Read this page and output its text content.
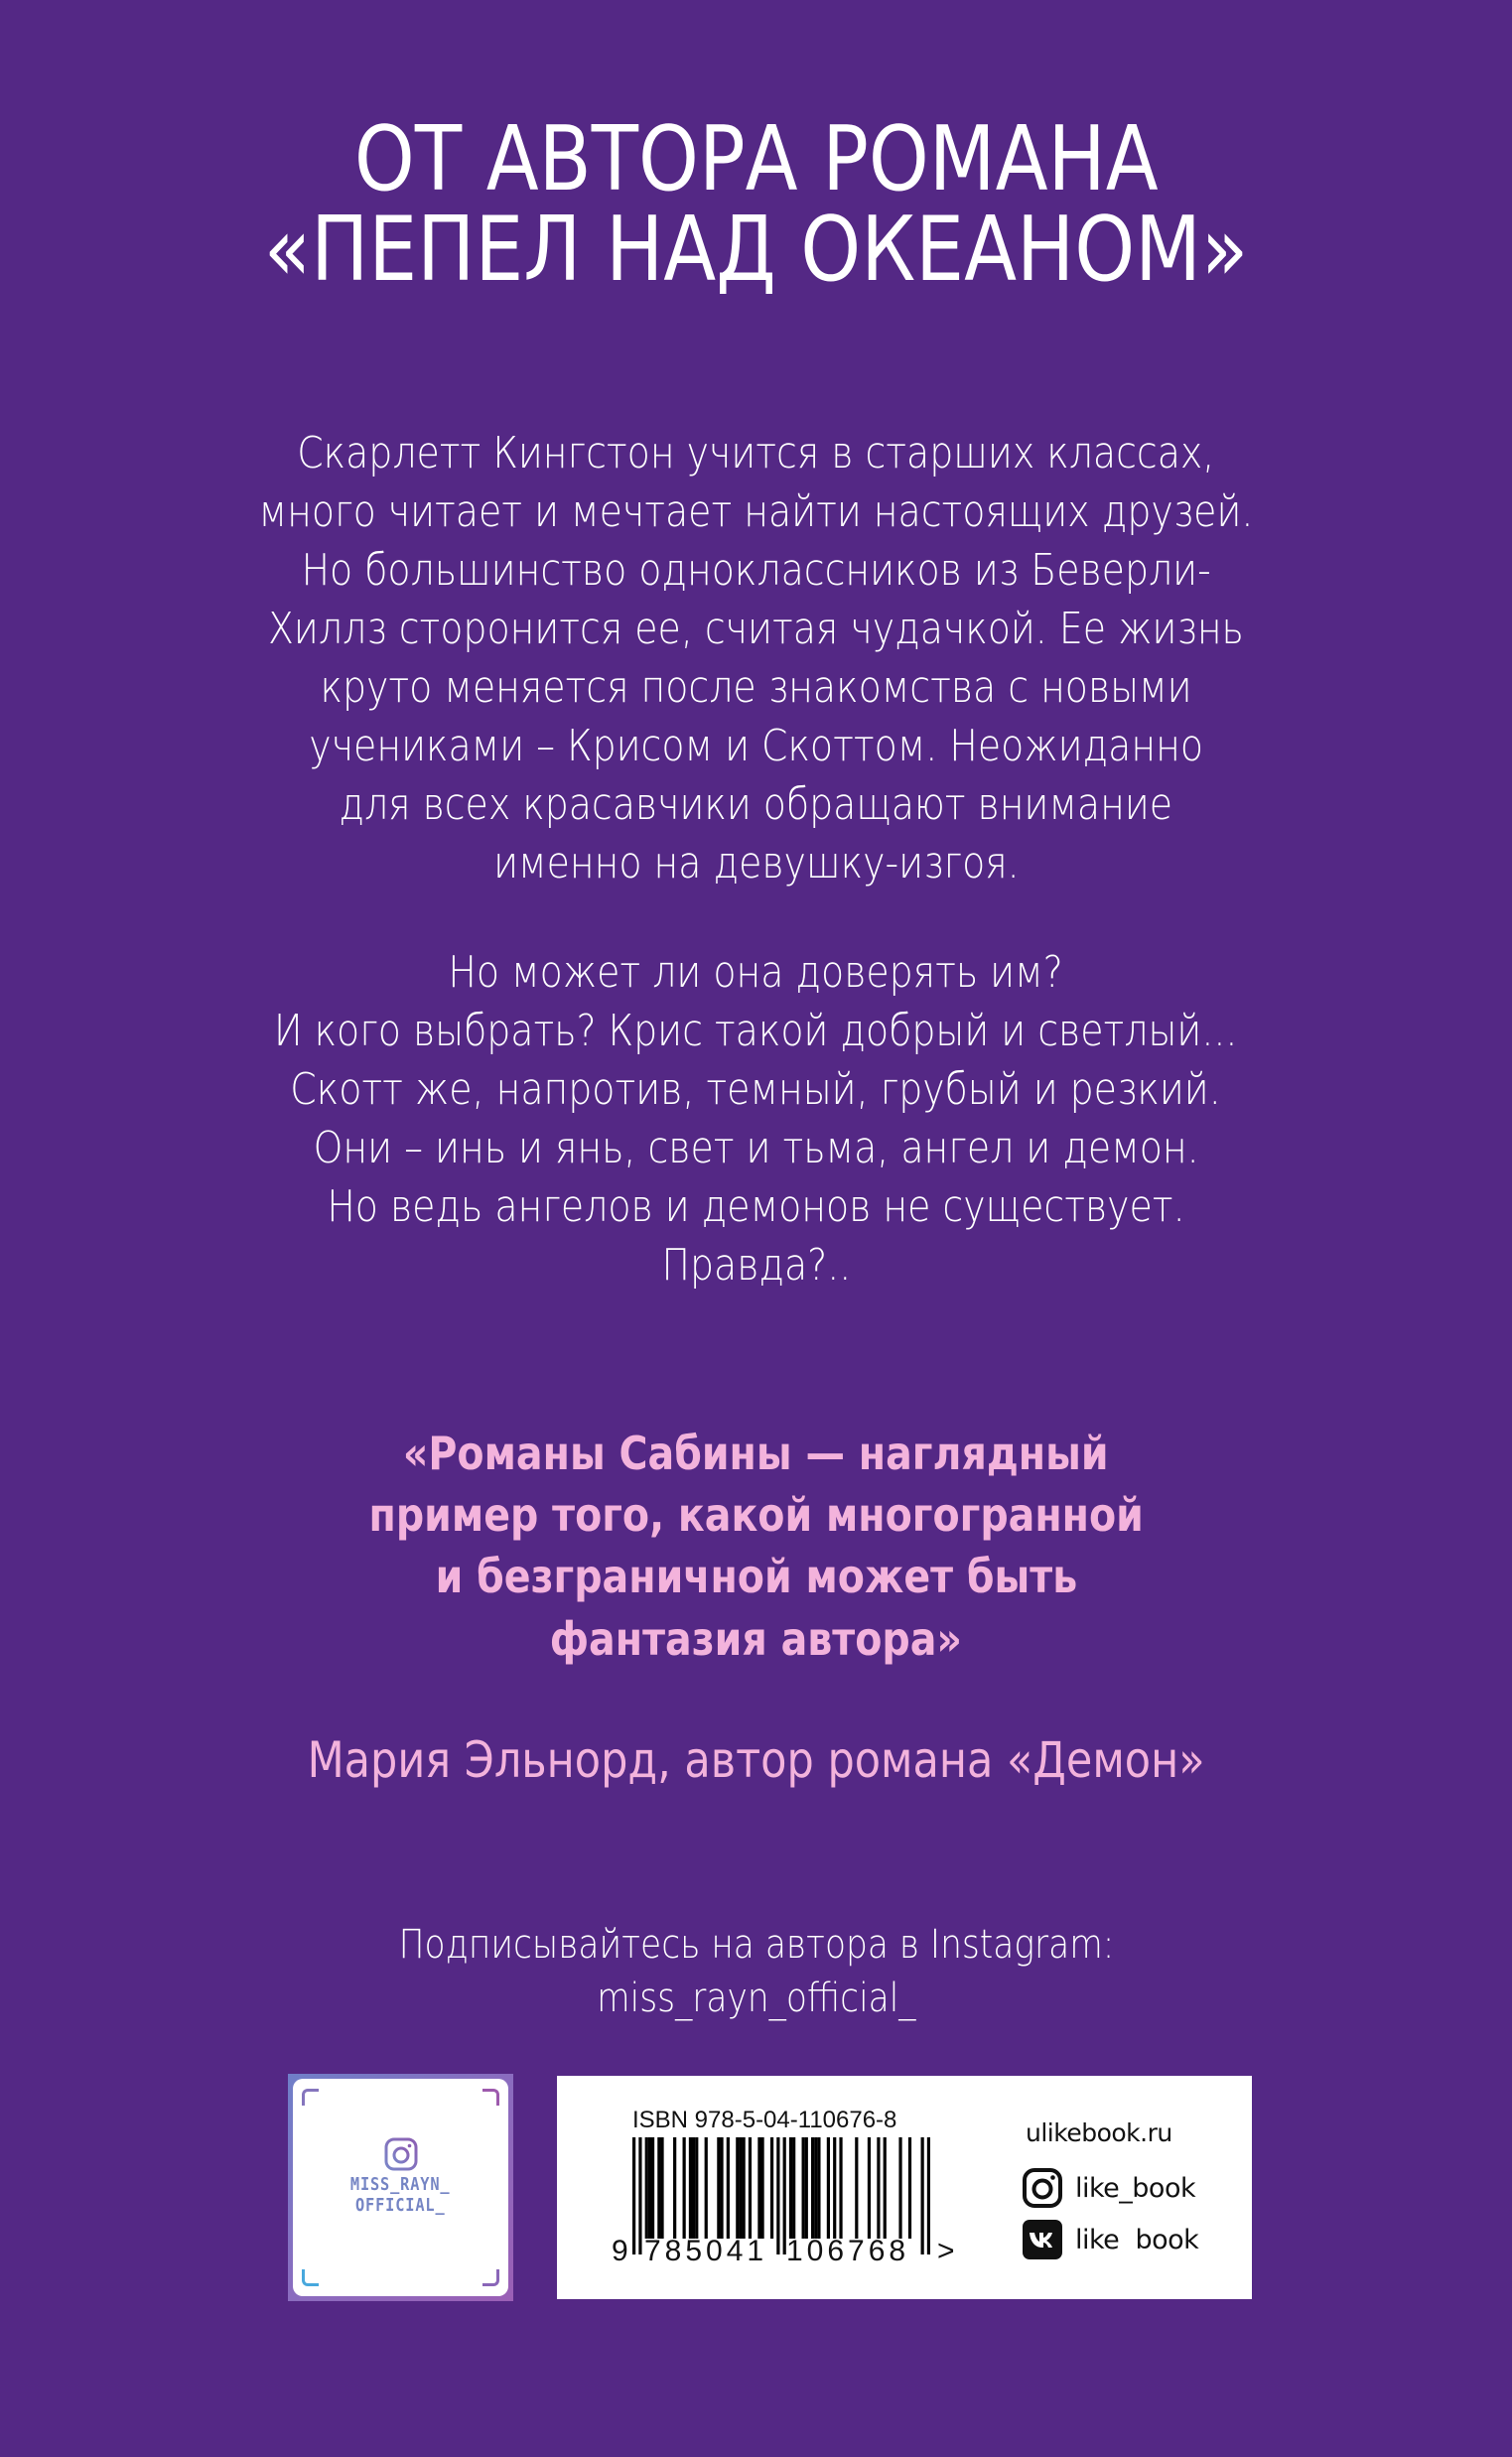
ОТ АВТОРА РОМАНА
«ПЕПЕЛ НАД ОКЕАНОМ»
Скарлетт Кингстон учится в старших классах,
много читает и мечтает найти настоящих друзей.
Но большинство одноклассников из Беверли-
Хиллз сторонится ее, считая чудачкой. Ее жизнь
круто меняется после знакомства с новыми
учениками – Крисом и Скоттом. Неожиданно
для всех красавчики обращают внимание
именно на девушку-изгоя.
Но может ли она доверять им?
И кого выбрать? Крис такой добрый и светлый...
Скотт же, напротив, темный, грубый и резкий.
Они – инь и янь, свет и тьма, ангел и демон.
Но ведь ангелов и демонов не существует.
Правда?..
«Романы Сабины — наглядный
пример того, какой многогранной
и безграничной может быть
фантазия автора»
Мария Эльнорд, автор романа «Демон»
Подписывайтесь на автора в Instagram:
miss_rayn_official_
MISS_RAYN_
OFFICIAL_
ISBN 978-5-04-110676-8
9 785041 106768 >
ulikebook.ru
like_book
like  book
